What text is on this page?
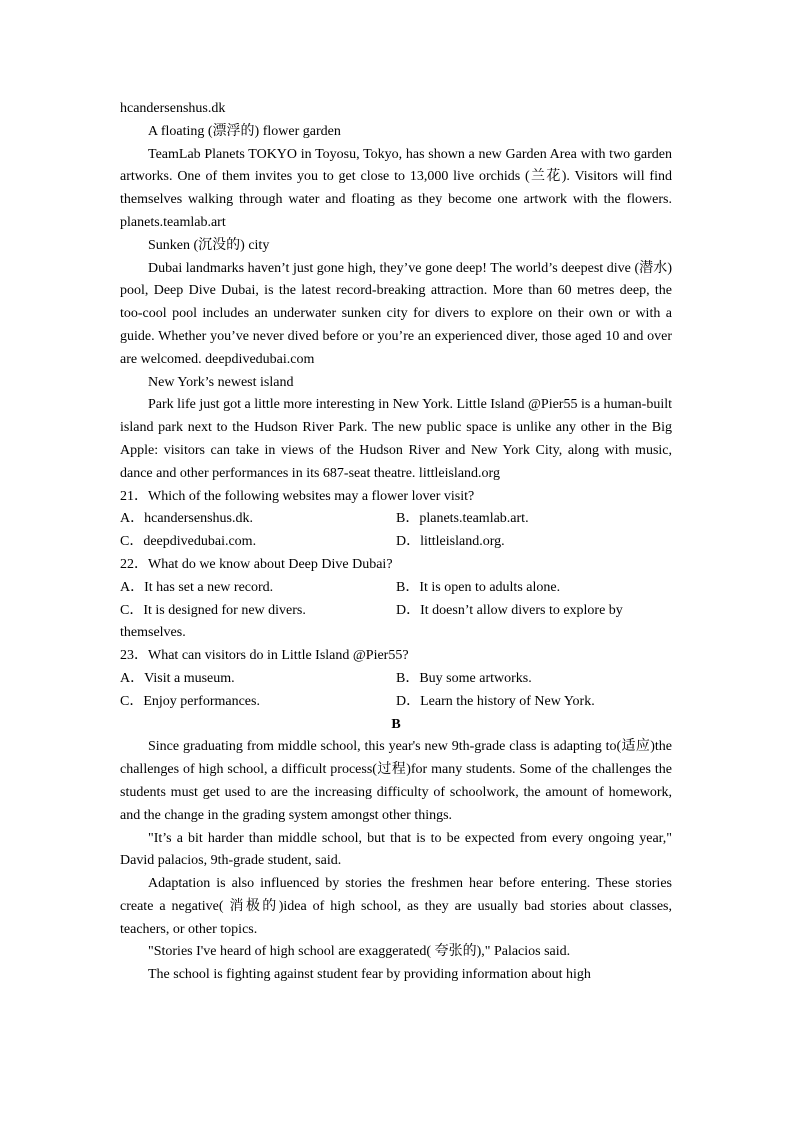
hcandersenshus.dk

A floating (漂浮的) flower garden

TeamLab Planets TOKYO in Toyosu, Tokyo, has shown a new Garden Area with two garden artworks. One of them invites you to get close to 13,000 live orchids (兰花). Visitors will find themselves walking through water and floating as they become one artwork with the flowers. planets.teamlab.art

Sunken (沉没的) city

Dubai landmarks haven’t just gone high, they’ve gone deep! The world’s deepest dive (潜水) pool, Deep Dive Dubai, is the latest record-breaking attraction. More than 60 metres deep, the too-cool pool includes an underwater sunken city for divers to explore on their own or with a guide. Whether you’ve never dived before or you’re an experienced diver, those aged 10 and over are welcomed. deepdivedubai.com

New York’s newest island

Park life just got a little more interesting in New York. Little Island @Pier55 is a human-built island park next to the Hudson River Park. The new public space is unlike any other in the Big Apple: visitors can take in views of the Hudson River and New York City, along with music, dance and other performances in its 687-seat theatre. littleisland.org

21．Which of the following websites may a flower lover visit?

A．hcandersenshus.dk.	B．planets.teamlab.art.
C．deepdivedubai.com.	D．littleisland.org.

22．What do we know about Deep Dive Dubai?

A．It has set a new record.	B．It is open to adults alone.
C．It is designed for new divers.	D．It doesn’t allow divers to explore by

themselves.

23．What can visitors do in Little Island @Pier55?

A．Visit a museum.	B．Buy some artworks.
C．Enjoy performances.	D．Learn the history of New York.

B

Since graduating from middle school, this year's new 9th-grade class is adapting to(适应)the challenges of high school, a difficult process(过程)for many students. Some of the challenges the students must get used to are the increasing difficulty of schoolwork, the amount of homework, and the change in the grading system amongst other things.

"It’s a bit harder than middle school, but that is to be expected from every ongoing year," David palacios, 9th-grade student, said.

Adaptation is also influenced by stories the freshmen hear before entering. These stories create a negative( 消极的)idea of high school, as they are usually bad stories about classes, teachers, or other topics.

"Stories I've heard of high school are exaggerated( 夸张的)," Palacios said.

The school is fighting against student fear by providing information about high
